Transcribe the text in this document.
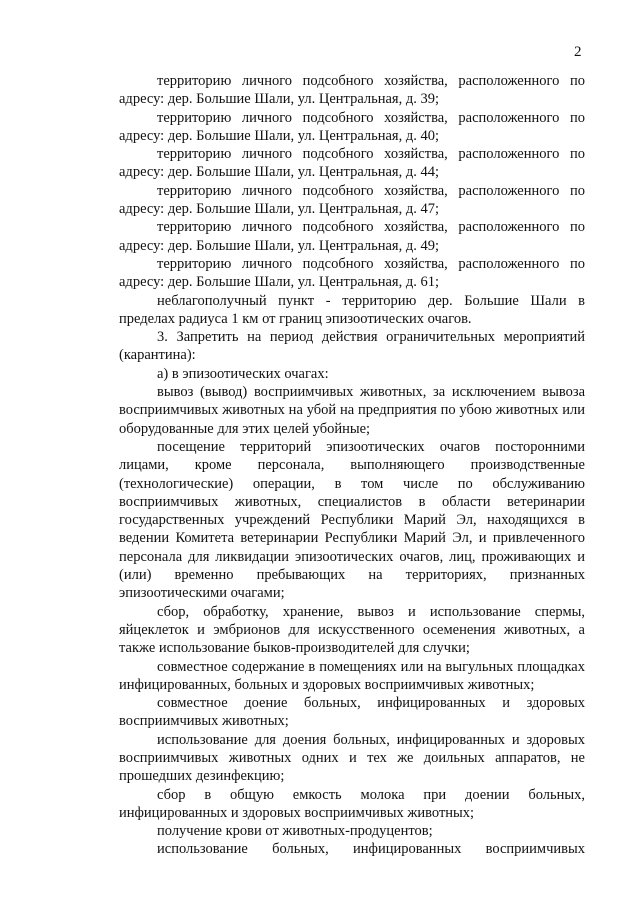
2

территорию личного подсобного хозяйства, расположенного по адресу: дер. Большие Шали, ул. Центральная, д. 39;

территорию личного подсобного хозяйства, расположенного по адресу: дер. Большие Шали, ул. Центральная, д. 40;

территорию личного подсобного хозяйства, расположенного по адресу: дер. Большие Шали, ул. Центральная, д. 44;

территорию личного подсобного хозяйства, расположенного по адресу: дер. Большие Шали, ул. Центральная, д. 47;

территорию личного подсобного хозяйства, расположенного по адресу: дер. Большие Шали, ул. Центральная, д. 49;

территорию личного подсобного хозяйства, расположенного по адресу: дер. Большие Шали, ул. Центральная, д. 61;

неблагополучный пункт - территорию дер. Большие Шали в пределах радиуса 1 км от границ эпизоотических очагов.

3. Запретить на период действия ограничительных мероприятий (карантина):

а) в эпизоотических очагах:

вывоз (вывод) восприимчивых животных, за исключением вывоза восприимчивых животных на убой на предприятия по убою животных или оборудованные для этих целей убойные;

посещение территорий эпизоотических очагов посторонними лицами, кроме персонала, выполняющего производственные (технологические) операции, в том числе по обслуживанию восприимчивых животных, специалистов в области ветеринарии государственных учреждений Республики Марий Эл, находящихся в ведении Комитета ветеринарии Республики Марий Эл, и привлеченного персонала для ликвидации эпизоотических очагов, лиц, проживающих и (или) временно пребывающих на территориях, признанных эпизоотическими очагами;

сбор, обработку, хранение, вывоз и использование спермы, яйцеклеток и эмбрионов для искусственного осеменения животных, а также использование быков-производителей для случки;

совместное содержание в помещениях или на выгульных площадках инфицированных, больных и здоровых восприимчивых животных;

совместное доение больных, инфицированных и здоровых восприимчивых животных;

использование для доения больных, инфицированных и здоровых восприимчивых животных одних и тех же доильных аппаратов, не прошедших дезинфекцию;

сбор в общую емкость молока при доении больных, инфицированных и здоровых восприимчивых животных;

получение крови от животных-продуцентов;

использование больных, инфицированных восприимчивых
